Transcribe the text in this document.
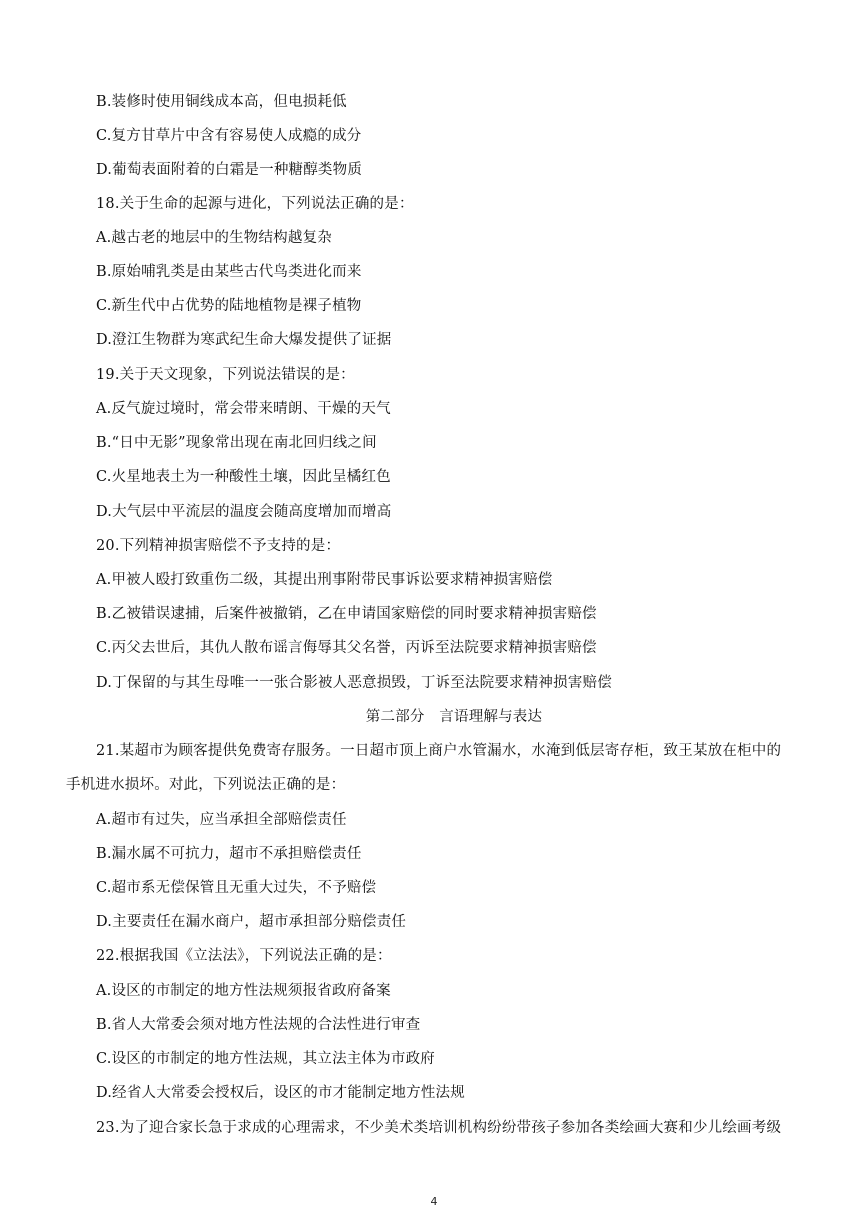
B.装修时使用铜线成本高，但电损耗低
C.复方甘草片中含有容易使人成瘾的成分
D.葡萄表面附着的白霜是一种糖醇类物质
18.关于生命的起源与进化，下列说法正确的是：
A.越古老的地层中的生物结构越复杂
B.原始哺乳类是由某些古代鸟类进化而来
C.新生代中占优势的陆地植物是裸子植物
D.澄江生物群为寒武纪生命大爆发提供了证据
19.关于天文现象，下列说法错误的是：
A.反气旋过境时，常会带来晴朗、干燥的天气
B.“日中无影”现象常出现在南北回归线之间
C.火星地表土为一种酸性土壤，因此呈橘红色
D.大气层中平流层的温度会随高度增加而增高
20.下列精神损害赔偿不予支持的是：
A.甲被人殴打致重伤二级，其提出刑事附带民事诉讼要求精神损害赔偿
B.乙被错误逮捕，后案件被撤销，乙在申请国家赔偿的同时要求精神损害赔偿
C.丙父去世后，其仇人散布谣言侮辱其父名誉，丙诉至法院要求精神损害赔偿
D.丁保留的与其生母唯一一张合影被人恶意损毁，丁诉至法院要求精神损害赔偿
第二部分　言语理解与表达
21.某超市为顾客提供免费寄存服务。一日超市顶上商户水管漏水，水淹到低层寄存柜，致王某放在柜中的
手机进水损坏。对此，下列说法正确的是：
A.超市有过失，应当承担全部赔偿责任
B.漏水属不可抗力，超市不承担赔偿责任
C.超市系无偿保管且无重大过失，不予赔偿
D.主要责任在漏水商户，超市承担部分赔偿责任
22.根据我国《立法法》，下列说法正确的是：
A.设区的市制定的地方性法规须报省政府备案
B.省人大常委会须对地方性法规的合法性进行审查
C.设区的市制定的地方性法规，其立法主体为市政府
D.经省人大常委会授权后，设区的市才能制定地方性法规
23.为了迎合家长急于求成的心理需求，不少美术类培训机构纷纷带孩子参加各类绘画大赛和少儿绘画考级
4
